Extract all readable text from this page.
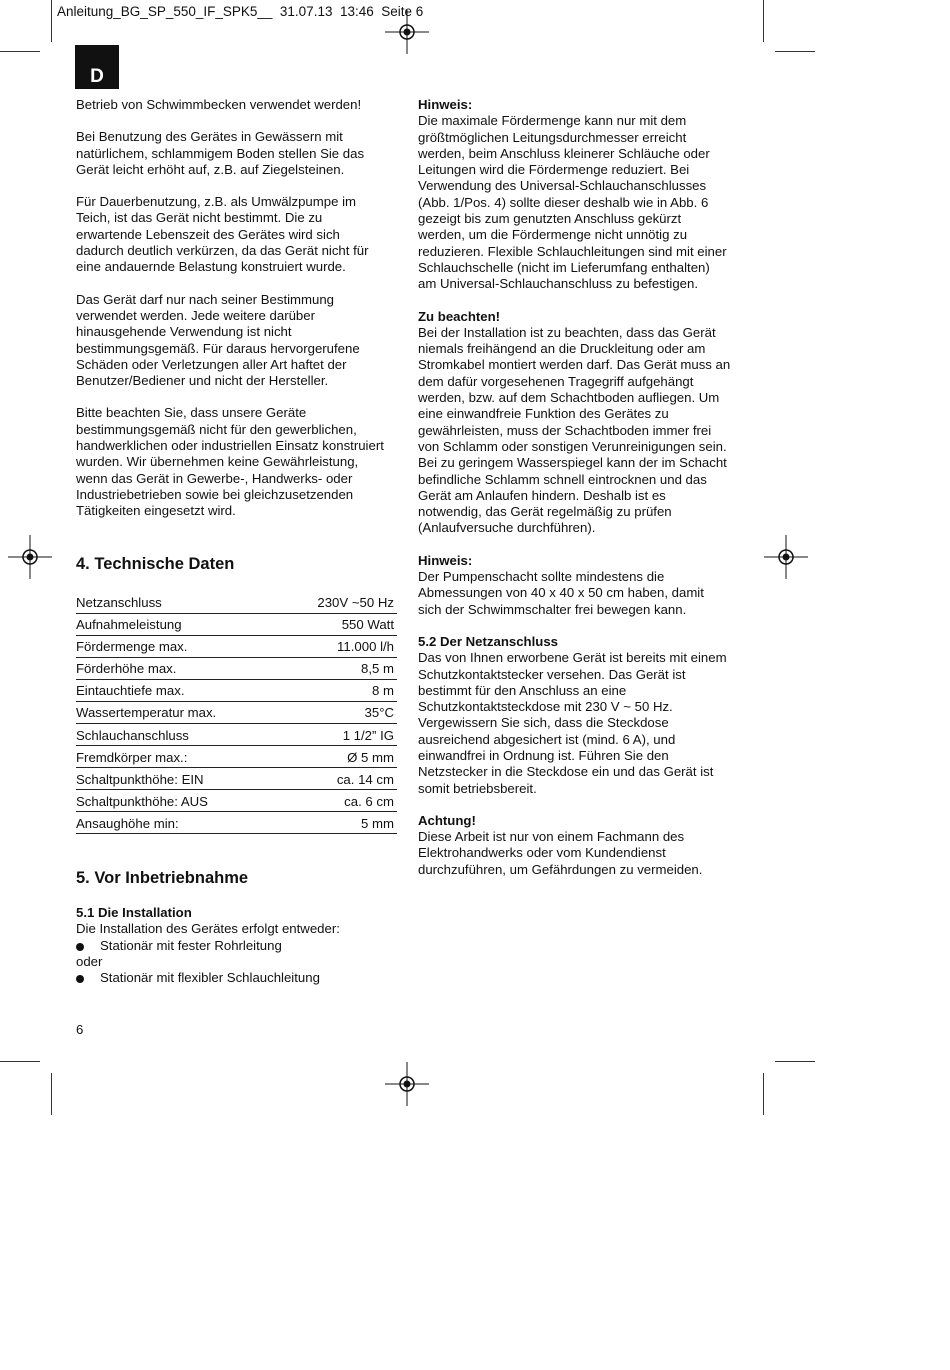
Anleitung_BG_SP_550_IF_SPK5__  31.07.13  13:46  Seite 6
D

Betrieb von Schwimmbecken verwendet werden!

Bei Benutzung des Gerätes in Gewässern mit
natürlichem, schlammigem Boden stellen Sie das
Gerät leicht erhöht auf, z.B. auf Ziegelsteinen.

Für Dauerbenutzung, z.B. als Umwälzpumpe im
Teich, ist das Gerät nicht bestimmt. Die zu
erwartende Lebenszeit des Gerätes wird sich
dadurch deutlich verkürzen, da das Gerät nicht für
eine andauernde Belastung konstruiert wurde.

Das Gerät darf nur nach seiner Bestimmung
verwendet werden. Jede weitere darüber
hinausgehende Verwendung ist nicht
bestimmungsgemäß. Für daraus hervorgerufene
Schäden oder Verletzungen aller Art haftet der
Benutzer/Bediener und nicht der Hersteller.

Bitte beachten Sie, dass unsere Geräte
bestimmungsgemäß nicht für den gewerblichen,
handwerklichen oder industriellen Einsatz konstruiert
wurden. Wir übernehmen keine Gewährleistung,
wenn das Gerät in Gewerbe-, Handwerks- oder
Industriebetrieben sowie bei gleichzusetzenden
Tätigkeiten eingesetzt wird.

4. Technische Daten
Netzanschluss	230V ~50 Hz
Aufnahmeleistung	550 Watt
Fördermenge max.	11.000 l/h
Förderhöhe max.	8,5 m
Eintauchtiefe max.	8 m
Wassertemperatur max.	35°C
Schlauchanschluss	1 1/2” IG
Fremdkörper max.:	Ø 5 mm
Schaltpunkthöhe: EIN	ca. 14 cm
Schaltpunkthöhe: AUS	ca. 6 cm
Ansaughöhe min:	5 mm
5. Vor Inbetriebnahme
5.1 Die Installation
Die Installation des Gerätes erfolgt entweder:
Stationär mit fester Rohrleitung
oder
Stationär mit flexibler Schlauchleitung
6

Hinweis:
Die maximale Fördermenge kann nur mit dem
größtmöglichen Leitungsdurchmesser erreicht
werden, beim Anschluss kleinerer Schläuche oder
Leitungen wird die Fördermenge reduziert. Bei
Verwendung des Universal-Schlauchanschlusses
(Abb. 1/Pos. 4) sollte dieser deshalb wie in Abb. 6
gezeigt bis zum genutzten Anschluss gekürzt
werden, um die Fördermenge nicht unnötig zu
reduzieren. Flexible Schlauchleitungen sind mit einer
Schlauchschelle (nicht im Lieferumfang enthalten)
am Universal-Schlauchanschluss zu befestigen.

Zu beachten!
Bei der Installation ist zu beachten, dass das Gerät
niemals freihängend an die Druckleitung oder am
Stromkabel montiert werden darf. Das Gerät muss an
dem dafür vorgesehenen Tragegriff aufgehängt
werden, bzw. auf dem Schachtboden aufliegen. Um
eine einwandfreie Funktion des Gerätes zu
gewährleisten, muss der Schachtboden immer frei
von Schlamm oder sonstigen Verunreinigungen sein.
Bei zu geringem Wasserspiegel kann der im Schacht
befindliche Schlamm schnell eintrocknen und das
Gerät am Anlaufen hindern. Deshalb ist es
notwendig, das Gerät regelmäßig zu prüfen
(Anlaufversuche durchführen).

Hinweis:
Der Pumpenschacht sollte mindestens die
Abmessungen von 40 x 40 x 50 cm haben, damit
sich der Schwimmschalter frei bewegen kann.

5.2 Der Netzanschluss
Das von Ihnen erworbene Gerät ist bereits mit einem
Schutzkontaktstecker versehen. Das Gerät ist
bestimmt für den Anschluss an eine
Schutzkontaktsteckdose mit 230 V ~ 50 Hz.
Vergewissern Sie sich, dass die Steckdose
ausreichend abgesichert ist (mind. 6 A), und
einwandfrei in Ordnung ist. Führen Sie den
Netzstecker in die Steckdose ein und das Gerät ist
somit betriebsbereit.

Achtung!
Diese Arbeit ist nur von einem Fachmann des
Elektrohandwerks oder vom Kundendienst
durchzuführen, um Gefährdungen zu vermeiden.
